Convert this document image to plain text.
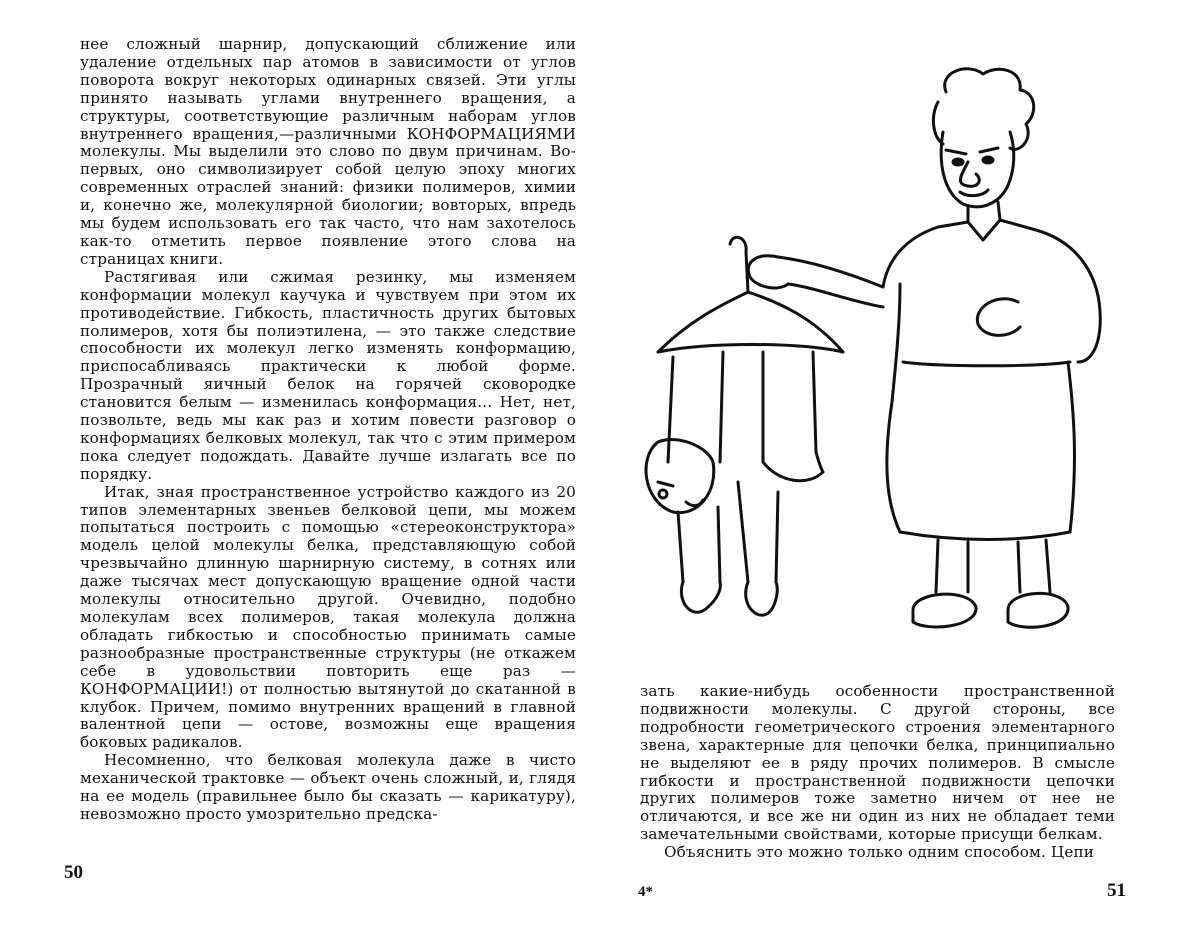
нее сложный шарнир, допускающий сближение или удаление отдельных пар атомов в зависимости от углов поворота вокруг некоторых одинарных связей. Эти углы принято называть углами внутреннего вращения, а структуры, соответствующие различным наборам углов внутреннего вращения,—различными КОНФОРМАЦИЯМИ молекулы. Мы выделили это слово по двум причинам. Во-первых, оно символизирует собой целую эпоху многих современных отраслей знаний: физики полимеров, химии и, конечно же, молекулярной биологии; вовторых, впредь мы будем использовать его так часто, что нам захотелось как-то отметить первое появление этого слова на страницах книги.

Растягивая или сжимая резинку, мы изменяем конформации молекул каучука и чувствуем при этом их противодействие. Гибкость, пластичность других бытовых полимеров, хотя бы полиэтилена, — это также следствие способности их молекул легко изменять конформацию, приспосабливаясь практически к любой форме. Прозрачный яичный белок на горячей сковородке становится белым — изменилась конформация... Нет, нет, позвольте, ведь мы как раз и хотим повести разговор о конформациях белковых молекул, так что с этим примером пока следует подождать. Давайте лучше излагать все по порядку.

Итак, зная пространственное устройство каждого из 20 типов элементарных звеньев белковой цепи, мы можем попытаться построить с помощью «стереоконструктора» модель целой молекулы белка, представляющую собой чрезвычайно длинную шарнирную систему, в сотнях или даже тысячах мест допускающую вращение одной части молекулы относительно другой. Очевидно, подобно молекулам всех полимеров, такая молекула должна обладать гибкостью и способностью принимать самые разнообразные пространственные структуры (не откажем себе в удовольствии повторить еще раз — КОНФОРМАЦИИ!) от полностью вытянутой до скатанной в клубок. Причем, помимо внутренних вращений в главной валентной цепи — остове, возможны еще вращения боковых радикалов.

Несомненно, что белковая молекула даже в чисто механической трактовке — объект очень сложный, и, глядя на ее модель (правильнее было бы сказать — карикатуру), невозможно просто умозрительно предска-

50

зать какие-нибудь особенности пространственной подвижности молекулы. С другой стороны, все подробности геометрического строения элементарного звена, характерные для цепочки белка, принципиально не выделяют ее в ряду прочих полимеров. В смысле гибкости и пространственной подвижности цепочки других полимеров тоже заметно ничем от нее не отличаются, и все же ни один из них не обладает теми замечательными свойствами, которые присущи белкам.

Объяснить это можно только одним способом. Цепи

4*	51
